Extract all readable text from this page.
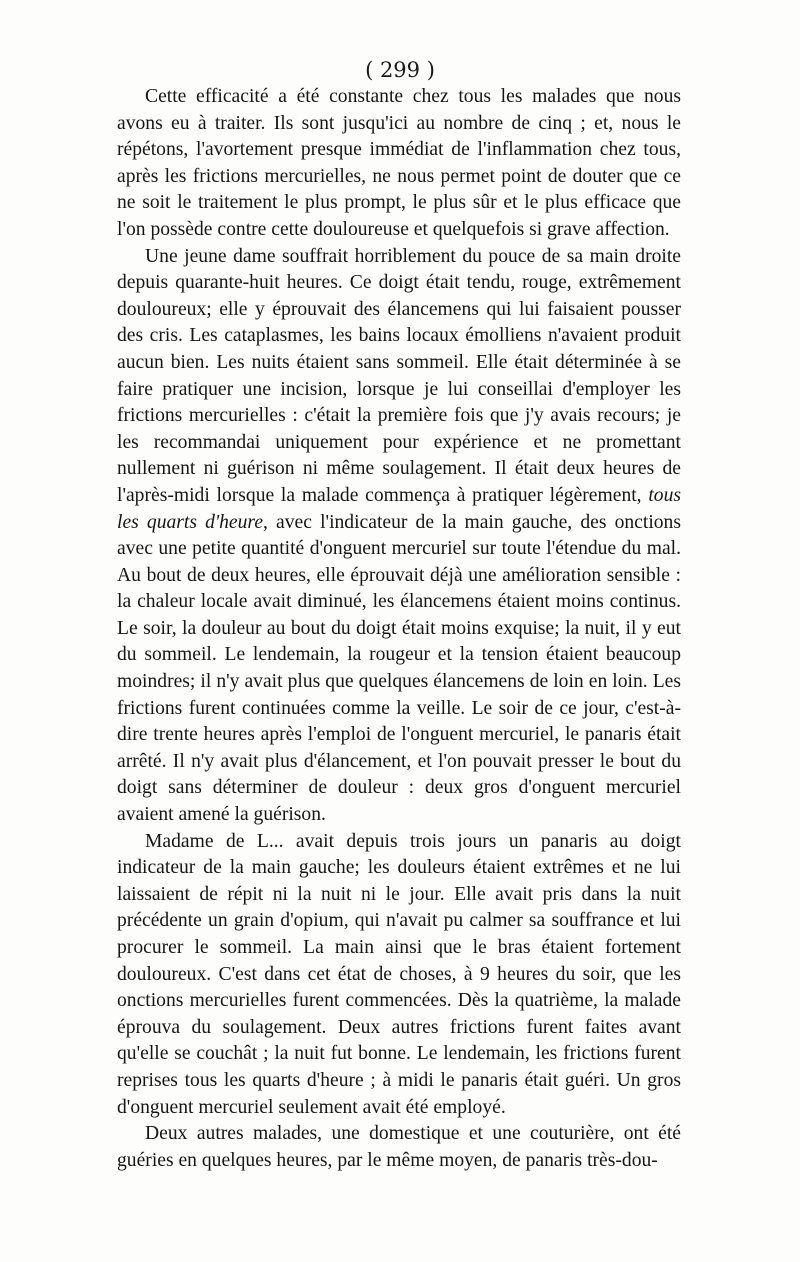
( 299 )

Cette efficacité a été constante chez tous les malades que nous avons eu à traiter. Ils sont jusqu'ici au nombre de cinq ; et, nous le répétons, l'avortement presque immédiat de l'inflammation chez tous, après les frictions mercurielles, ne nous permet point de douter que ce ne soit le traitement le plus prompt, le plus sûr et le plus efficace que l'on possède contre cette douloureuse et quelquefois si grave affection.

Une jeune dame souffrait horriblement du pouce de sa main droite depuis quarante-huit heures. Ce doigt était tendu, rouge, extrêmement douloureux; elle y éprouvait des élancemens qui lui faisaient pousser des cris. Les cataplasmes, les bains locaux émolliens n'avaient produit aucun bien. Les nuits étaient sans sommeil. Elle était déterminée à se faire pratiquer une incision, lorsque je lui conseillai d'employer les frictions mercurielles : c'était la première fois que j'y avais recours; je les recommandai uniquement pour expérience et ne promettant nullement ni guérison ni même soulagement. Il était deux heures de l'après-midi lorsque la malade commença à pratiquer légèrement, tous les quarts d'heure, avec l'indicateur de la main gauche, des onctions avec une petite quantité d'onguent mercuriel sur toute l'étendue du mal. Au bout de deux heures, elle éprouvait déjà une amélioration sensible : la chaleur locale avait diminué, les élancemens étaient moins continus. Le soir, la douleur au bout du doigt était moins exquise; la nuit, il y eut du sommeil. Le lendemain, la rougeur et la tension étaient beaucoup moindres; il n'y avait plus que quelques élancemens de loin en loin. Les frictions furent continuées comme la veille. Le soir de ce jour, c'est-à-dire trente heures après l'emploi de l'onguent mercuriel, le panaris était arrêté. Il n'y avait plus d'élancement, et l'on pouvait presser le bout du doigt sans déterminer de douleur : deux gros d'onguent mercuriel avaient amené la guérison.

Madame de L... avait depuis trois jours un panaris au doigt indicateur de la main gauche; les douleurs étaient extrêmes et ne lui laissaient de répit ni la nuit ni le jour. Elle avait pris dans la nuit précédente un grain d'opium, qui n'avait pu calmer sa souffrance et lui procurer le sommeil. La main ainsi que le bras étaient fortement douloureux. C'est dans cet état de choses, à 9 heures du soir, que les onctions mercurielles furent commencées. Dès la quatrième, la malade éprouva du soulagement. Deux autres frictions furent faites avant qu'elle se couchât ; la nuit fut bonne. Le lendemain, les frictions furent reprises tous les quarts d'heure ; à midi le panaris était guéri. Un gros d'onguent mercuriel seulement avait été employé.

Deux autres malades, une domestique et une couturière, ont été guéries en quelques heures, par le même moyen, de panaris très-dou-
